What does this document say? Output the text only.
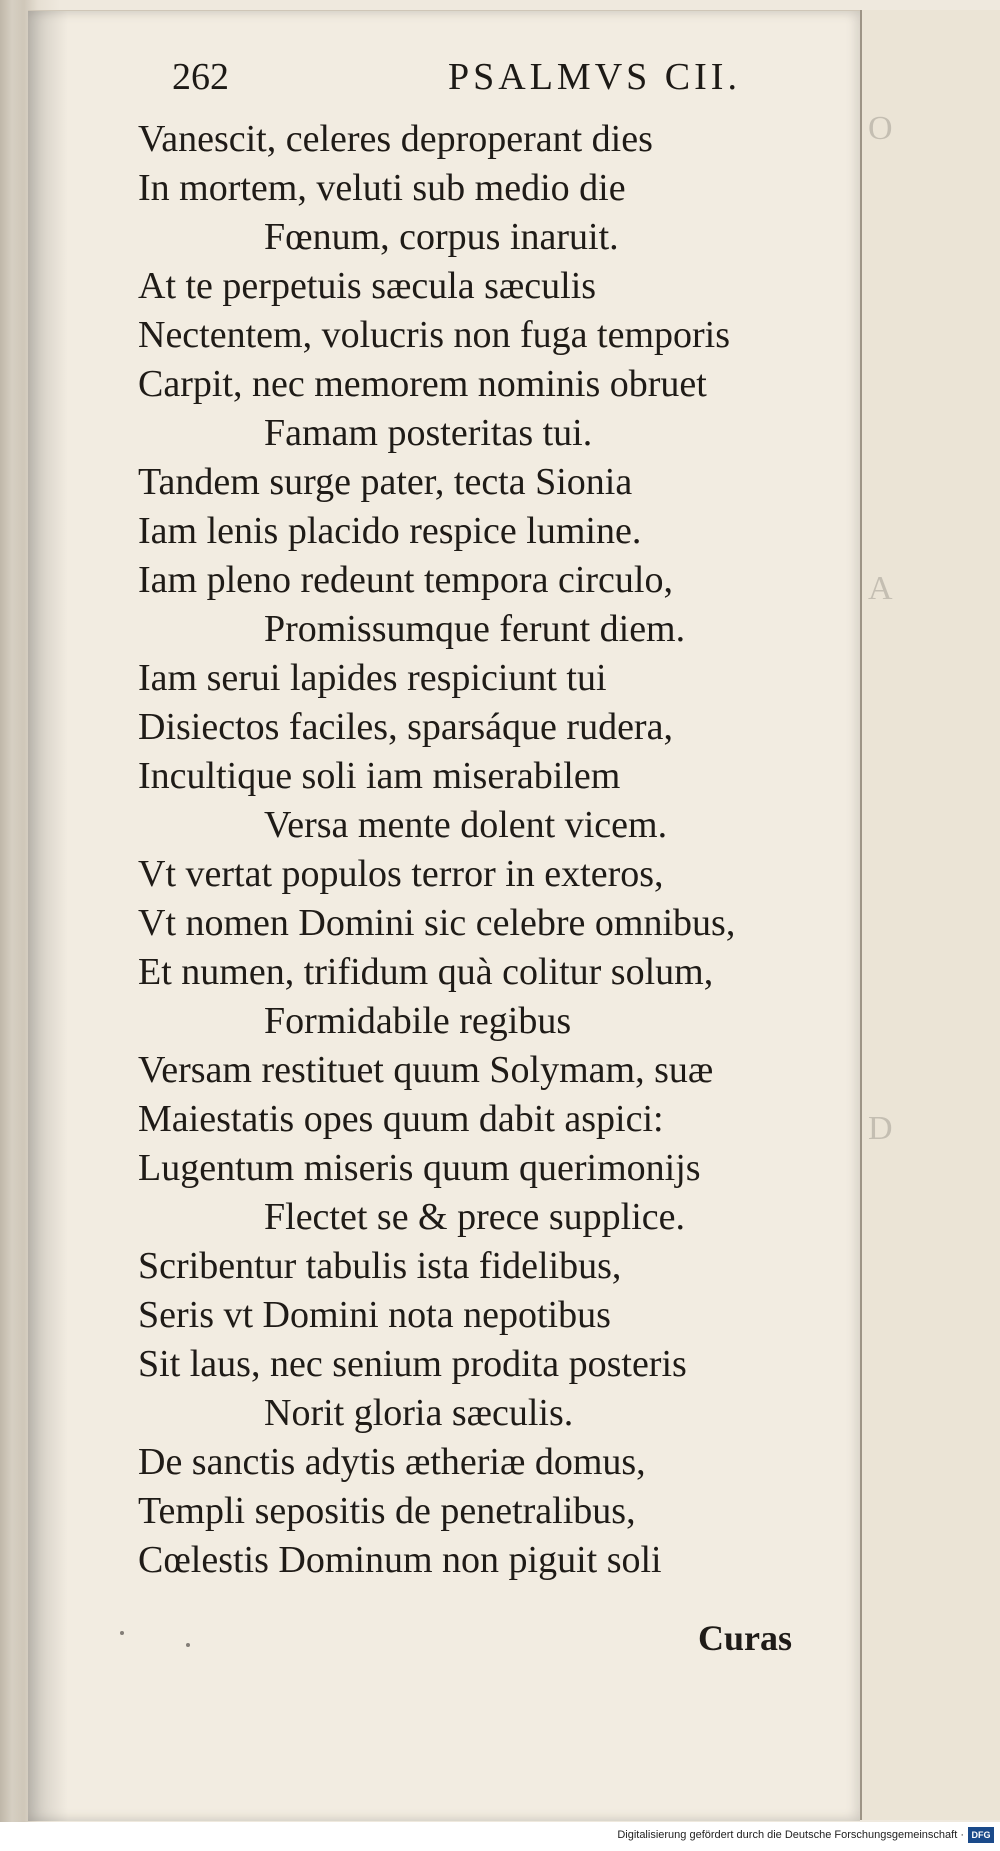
O
A
D
262	PSALMVS CII.
Vanescit, celeres deproperant dies
In mortem, veluti sub medio die
Fœnum, corpus inaruit.
At te perpetuis sæcula sæculis
Nectentem, volucris non fuga temporis
Carpit, nec memorem nominis obruet
Famam posteritas tui.
Tandem surge pater, tecta Sionia
Iam lenis placido respice lumine.
Iam pleno redeunt tempora circulo,
Promissumque ferunt diem.
Iam serui lapides respiciunt tui
Disiectos faciles, sparsáque rudera,
Incultique soli iam miserabilem
Versa mente dolent vicem.
Vt vertat populos terror in exteros,
Vt nomen Domini sic celebre omnibus,
Et numen, trifidum quà colitur solum,
Formidabile regibus
Versam restituet quum Solymam, suæ
Maiestatis opes quum dabit aspici:
Lugentum miseris quum querimonijs
Flectet se & prece supplice.
Scribentur tabulis ista fidelibus,
Seris vt Domini nota nepotibus
Sit laus, nec senium prodita posteris
Norit gloria sæculis.
De sanctis adytis ætheriæ domus,
Templi sepositis de penetralibus,
Cœlestis Dominum non piguit soli
Curas
Digitalisierung gefördert durch die Deutsche Forschungsgemeinschaft · DFG
